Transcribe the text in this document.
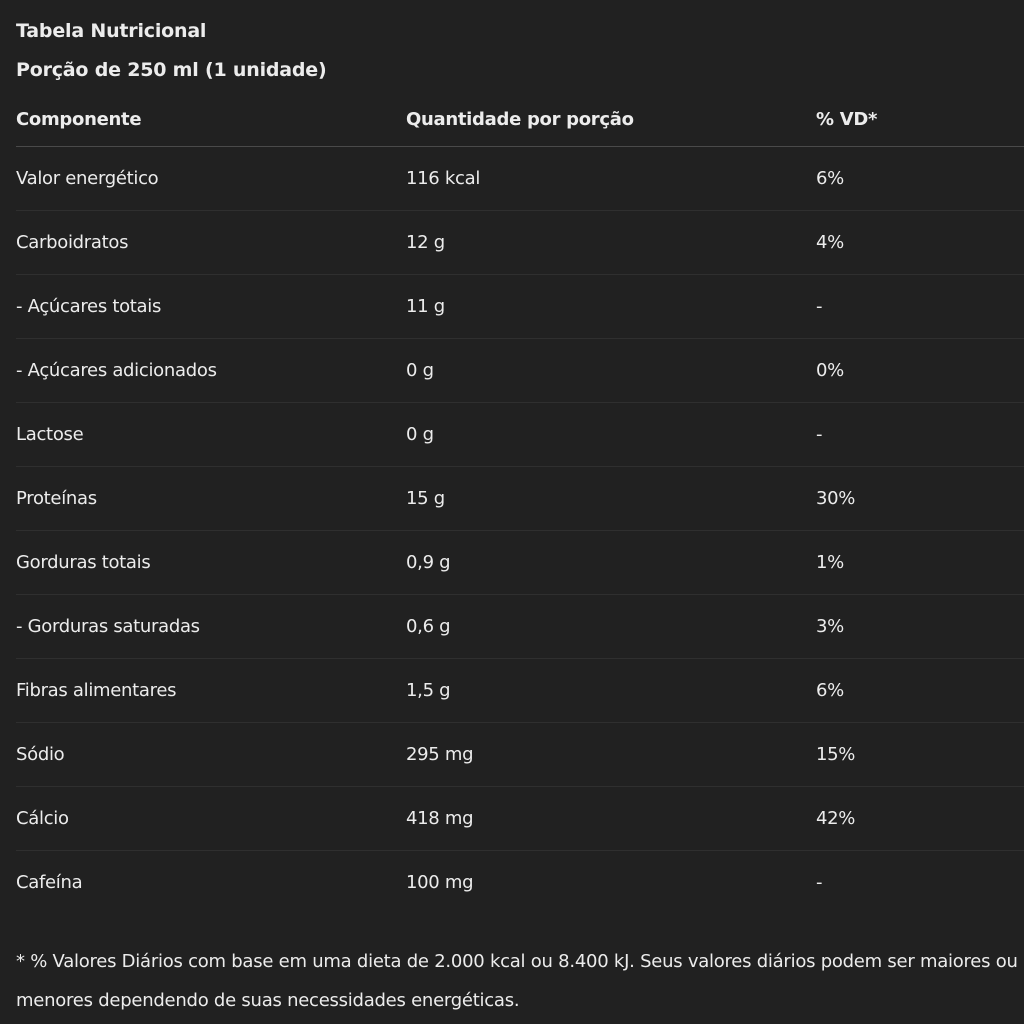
Tabela Nutricional
Porção de 250 ml (1 unidade)
Componente	Quantidade por porção	% VD*
Valor energético	116 kcal	6%
Carboidratos	12 g	4%
- Açúcares totais	11 g	-
- Açúcares adicionados	0 g	0%
Lactose	0 g	-
Proteínas	15 g	30%
Gorduras totais	0,9 g	1%
- Gorduras saturadas	0,6 g	3%
Fibras alimentares	1,5 g	6%
Sódio	295 mg	15%
Cálcio	418 mg	42%
Cafeína	100 mg	-
* % Valores Diários com base em uma dieta de 2.000 kcal ou 8.400 kJ. Seus valores diários podem ser maiores ou menores dependendo de suas necessidades energéticas.
